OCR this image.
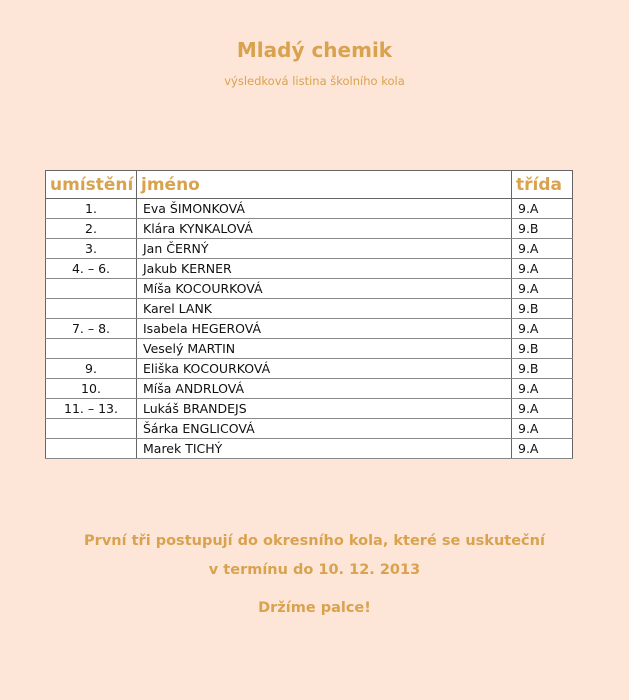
Mladý chemik
výsledková listina školního kola
umístění	jméno	třída
1.	Eva ŠIMONKOVÁ	9.A
2.	Klára KYNKALOVÁ	9.B
3.	Jan ČERNÝ	9.A
4. – 6.	Jakub KERNER	9.A
	Míša KOCOURKOVÁ	9.A
	Karel LANK	9.B
7. – 8.	Isabela HEGEROVÁ	9.A
	Veselý MARTIN	9.B
9.	Eliška KOCOURKOVÁ	9.B
10.	Míša ANDRLOVÁ	9.A
11. – 13.	Lukáš BRANDEJS	9.A
	Šárka ENGLICOVÁ	9.A
	Marek TICHÝ	9.A
První tři postupují do okresního kola, které se uskuteční
v termínu do 10. 12. 2013
Držíme palce!
